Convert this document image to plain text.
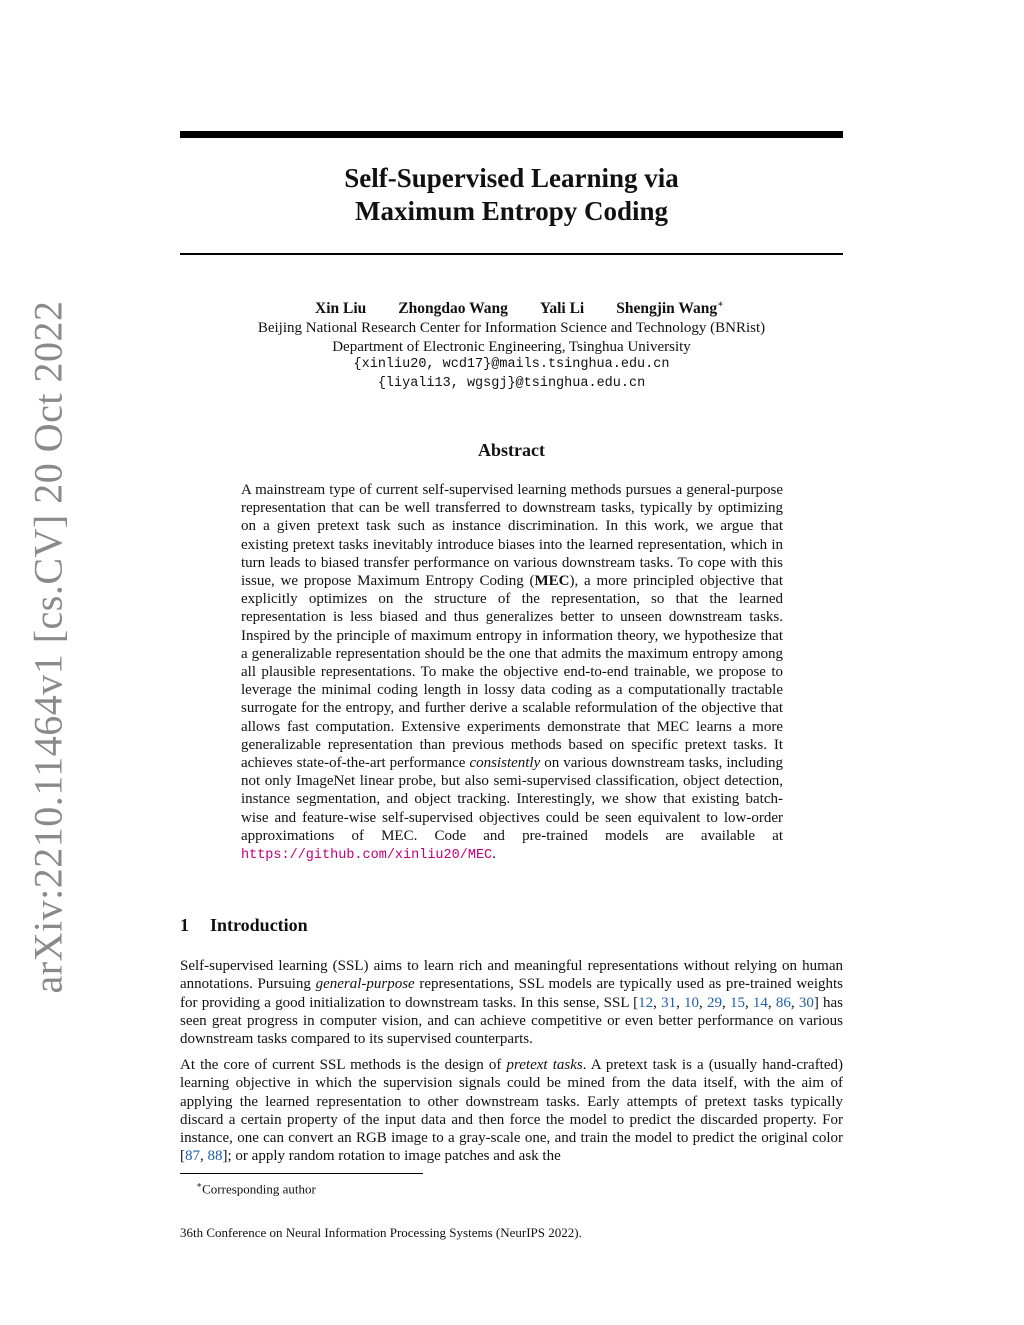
arXiv:2210.11464v1 [cs.CV] 20 Oct 2022
Self-Supervised Learning via
Maximum Entropy Coding
Xin Liu Zhongdao Wang Yali Li Shengjin Wang∗
Beijing National Research Center for Information Science and Technology (BNRist)
Department of Electronic Engineering, Tsinghua University
{xinliu20, wcd17}@mails.tsinghua.edu.cn
{liyali13, wgsgj}@tsinghua.edu.cn
Abstract

A mainstream type of current self-supervised learning methods pursues a general-purpose representation that can be well transferred to downstream tasks, typically by optimizing on a given pretext task such as instance discrimination. In this work, we argue that existing pretext tasks inevitably introduce biases into the learned representation, which in turn leads to biased transfer performance on various downstream tasks. To cope with this issue, we propose Maximum Entropy Coding (MEC), a more principled objective that explicitly optimizes on the structure of the representation, so that the learned representation is less biased and thus generalizes better to unseen downstream tasks. Inspired by the principle of maximum entropy in information theory, we hypothesize that a generalizable representation should be the one that admits the maximum entropy among all plausible representations. To make the objective end-to-end trainable, we propose to leverage the minimal coding length in lossy data coding as a computationally tractable surrogate for the entropy, and further derive a scalable reformulation of the objective that allows fast computation. Extensive experiments demonstrate that MEC learns a more generalizable representation than previous methods based on specific pretext tasks. It achieves state-of-the-art performance consistently on various downstream tasks, including not only ImageNet linear probe, but also semi-supervised classification, object detection, instance segmentation, and object tracking. Interestingly, we show that existing batch-wise and feature-wise self-supervised objectives could be seen equivalent to low-order approximations of MEC. Code and pre-trained models are available at https://github.com/xinliu20/MEC.

1 Introduction

Self-supervised learning (SSL) aims to learn rich and meaningful representations without relying on human annotations. Pursuing general-purpose representations, SSL models are typically used as pre-trained weights for providing a good initialization to downstream tasks. In this sense, SSL [12, 31, 10, 29, 15, 14, 86, 30] has seen great progress in computer vision, and can achieve competitive or even better performance on various downstream tasks compared to its supervised counterparts.

At the core of current SSL methods is the design of pretext tasks. A pretext task is a (usually hand-crafted) learning objective in which the supervision signals could be mined from the data itself, with the aim of applying the learned representation to other downstream tasks. Early attempts of pretext tasks typically discard a certain property of the input data and then force the model to predict the discarded property. For instance, one can convert an RGB image to a gray-scale one, and train the model to predict the original color [87, 88]; or apply random rotation to image patches and ask the

∗Corresponding author
36th Conference on Neural Information Processing Systems (NeurIPS 2022).
